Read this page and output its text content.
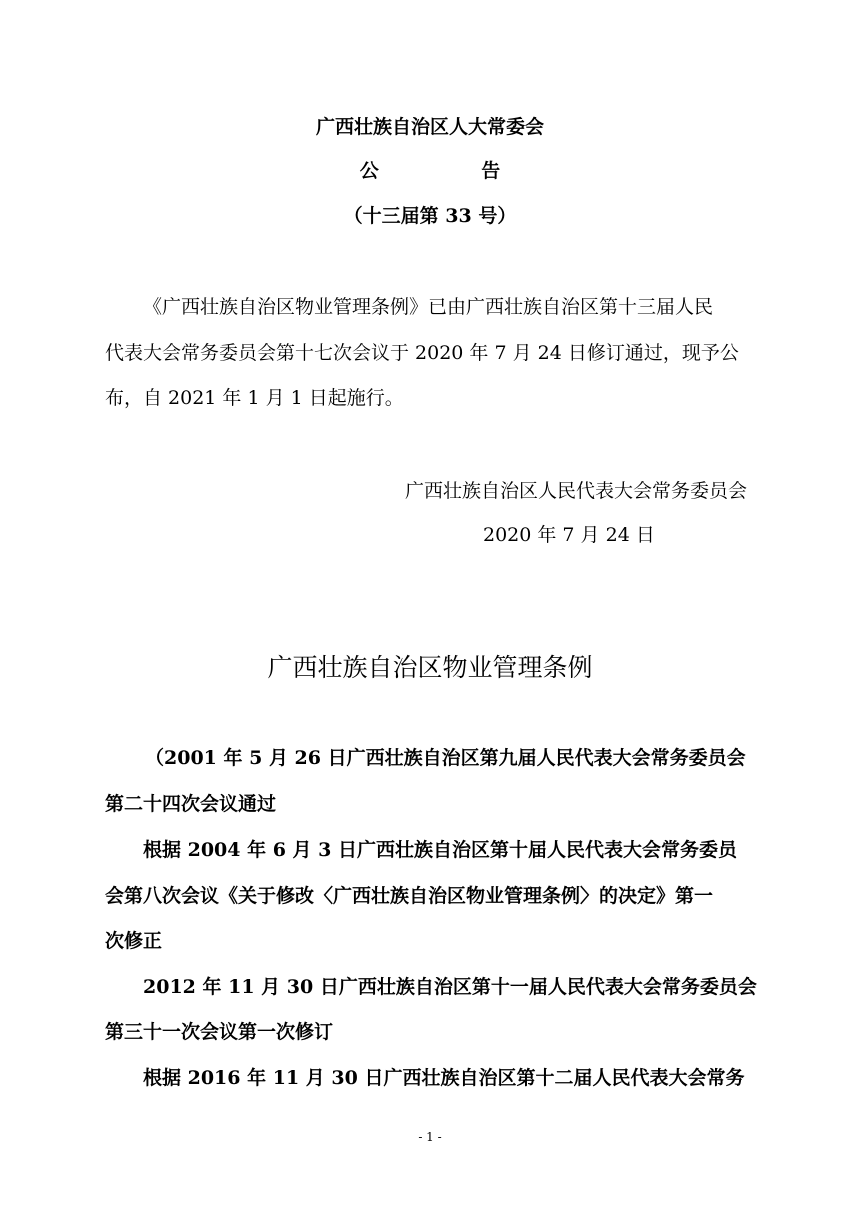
广西壮族自治区人大常委会
公　告
（十三届第 33 号）
《广西壮族自治区物业管理条例》已由广西壮族自治区第十三届人民
代表大会常务委员会第十七次会议于 2020 年 7 月 24 日修订通过，现予公
布，自 2021 年 1 月 1 日起施行。
广西壮族自治区人民代表大会常务委员会
2020 年 7 月 24 日
广西壮族自治区物业管理条例
（2001 年 5 月 26 日广西壮族自治区第九届人民代表大会常务委员会
第二十四次会议通过
根据 2004 年 6 月 3 日广西壮族自治区第十届人民代表大会常务委员
会第八次会议《关于修改〈广西壮族自治区物业管理条例〉的决定》第一
次修正
2012 年 11 月 30 日广西壮族自治区第十一届人民代表大会常务委员会
第三十一次会议第一次修订
根据 2016 年 11 月 30 日广西壮族自治区第十二届人民代表大会常务
- 1 -
